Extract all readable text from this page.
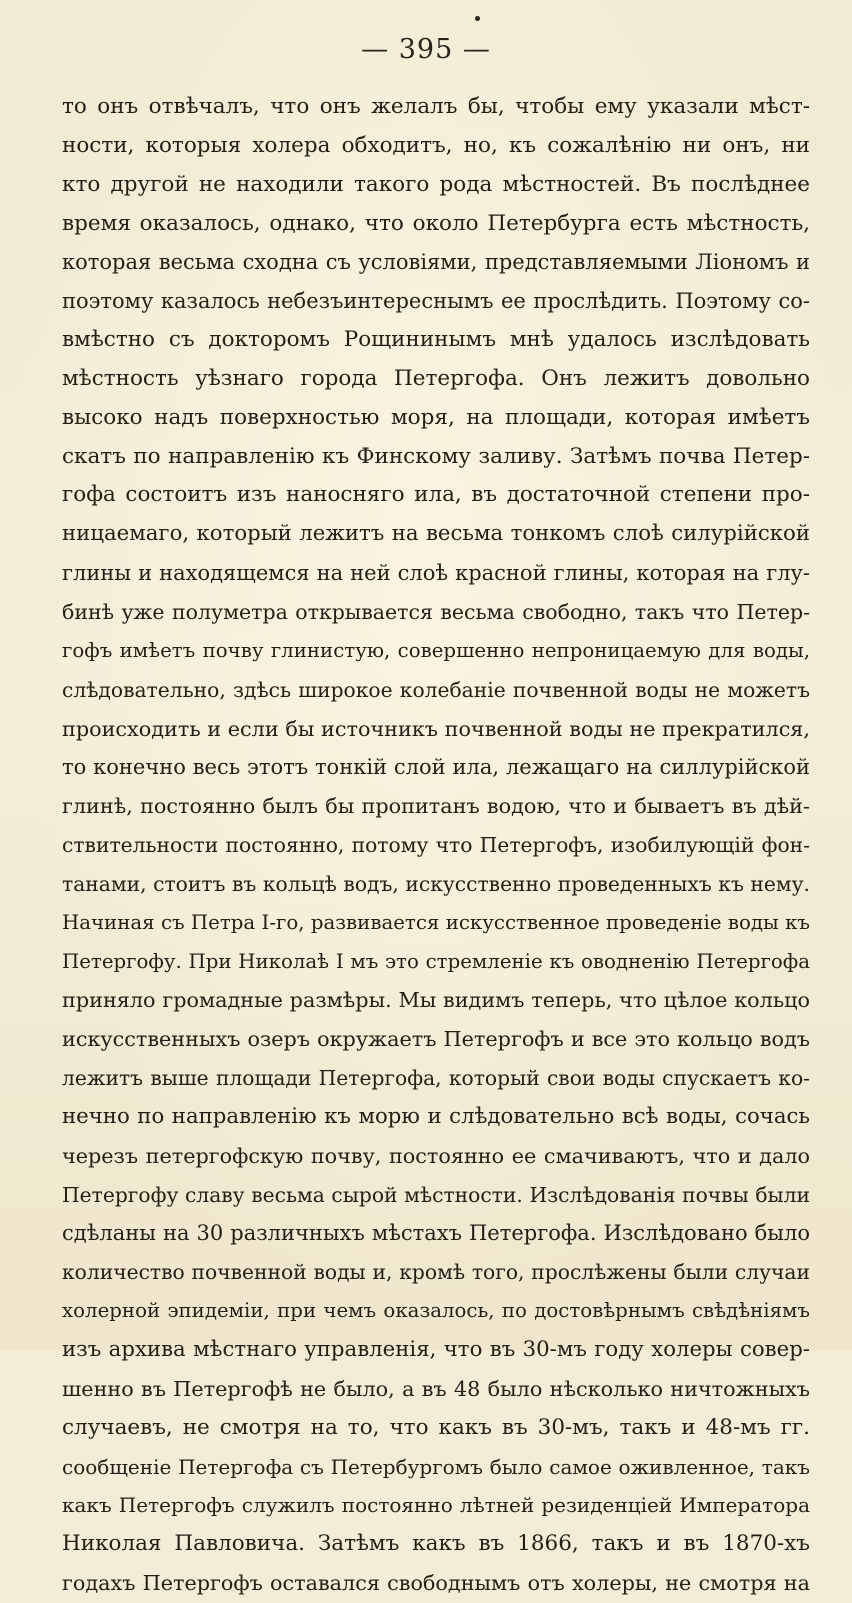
— 395 —
то онъ отвѣчалъ, что онъ желалъ бы, чтобы ему указали мѣст-
ности, которыя холера обходитъ, но, къ сожалѣнію ни онъ, ни
кто другой не находили такого рода мѣстностей. Въ послѣднее
время оказалось, однако, что около Петербурга есть мѣстность,
которая весьма сходна съ условіями, представляемыми Ліономъ и
поэтому казалось небезъинтереснымъ ее прослѣдить. Поэтому со-
вмѣстно съ докторомъ Рощининымъ мнѣ удалось изслѣдовать
мѣстность уѣзнаго города Петергофа. Онъ лежитъ довольно
высоко надъ поверхностью моря, на площади, которая имѣетъ
скатъ по направленію къ Финскому заливу. Затѣмъ почва Петер-
гофа состоитъ изъ наносняго ила, въ достаточной степени про-
ницаемаго, который лежитъ на весьма тонкомъ слоѣ силурійской
глины и находящемся на ней слоѣ красной глины, которая на глу-
бинѣ уже полуметра открывается весьма свободно, такъ что Петер-
гофъ имѣетъ почву глинистую, совершенно непроницаемую для воды,
слѣдовательно, здѣсь широкое колебаніе почвенной воды не можетъ
происходить и если бы источникъ почвенной воды не прекратился,
то конечно весь этотъ тонкій слой ила, лежащаго на силлурійской
глинѣ, постоянно былъ бы пропитанъ водою, что и бываетъ въ дѣй-
ствительности постоянно, потому что Петергофъ, изобилующій фон-
танами, стоитъ въ кольцѣ водъ, искусственно проведенныхъ къ нему.
Начиная съ Петра I-го, развивается искусственное проведеніе воды къ
Петергофу. При Николаѣ I мъ это стремленіе къ оводненію Петергофа
приняло громадные размѣры. Мы видимъ теперь, что цѣлое кольцо
искусственныхъ озеръ окружаетъ Петергофъ и все это кольцо водъ
лежитъ выше площади Петергофа, который свои воды спускаетъ ко-
нечно по направленію къ морю и слѣдовательно всѣ воды, сочась
черезъ петергофскую почву, постоянно ее смачиваютъ, что и дало
Петергофу славу весьма сырой мѣстности. Изслѣдованія почвы были
сдѣланы на 30 различныхъ мѣстахъ Петергофа. Изслѣдовано было
количество почвенной воды и, кромѣ того, прослѣжены были случаи
холерной эпидеміи, при чемъ оказалось, по достовѣрнымъ свѣдѣніямъ
изъ архива мѣстнаго управленія, что въ 30-мъ году холеры совер-
шенно въ Петергофѣ не было, а въ 48 было нѣсколько ничтожныхъ
случаевъ, не смотря на то, что какъ въ 30-мъ, такъ и 48-мъ гг.
сообщеніе Петергофа съ Петербургомъ было самое оживленное, такъ
какъ Петергофъ служилъ постоянно лѣтней резиденціей Императора
Николая Павловича. Затѣмъ какъ въ 1866, такъ и въ 1870-хъ
годахъ Петергофъ оставался свободнымъ отъ холеры, не смотря на
